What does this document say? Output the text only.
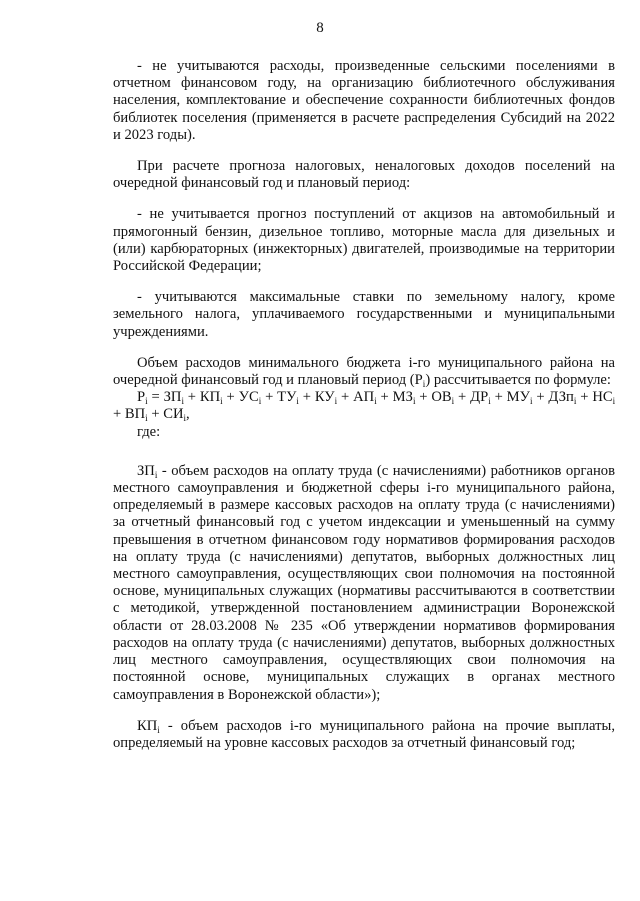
8

- не учитываются расходы, произведенные сельскими поселениями в отчетном финансовом году, на организацию библиотечного обслуживания населения, комплектование и обеспечение сохранности библиотечных фондов библиотек поселения (применяется в расчете распределения Субсидий на 2022 и 2023 годы).

При расчете прогноза налоговых, неналоговых доходов поселений на очередной финансовый год и плановый период:

- не учитывается прогноз поступлений от акцизов на автомобильный и прямогонный бензин, дизельное топливо, моторные масла для дизельных и (или) карбюраторных (инжекторных) двигателей, производимые на территории Российской Федерации;

- учитываются максимальные ставки по земельному налогу, кроме земельного налога, уплачиваемого государственными и муниципальными учреждениями.

Объем расходов минимального бюджета i-го муниципального района на очередной финансовый год и плановый период $(P_i)$ рассчитывается по формуле:

$P_i = ЗП_i + КП_i + УС_i + ТУ_i + КУ_i + АП_i + МЗ_i + ОВ_i + ДР_i + МУ_i + ДЗп_i + НС_i + ВП_i + СИ_i$,

где:

$ЗП_i$ - объем расходов на оплату труда (с начислениями) работников органов местного самоуправления и бюджетной сферы i-го муниципального района, определяемый в размере кассовых расходов на оплату труда (с начислениями) за отчетный финансовый год с учетом индексации и уменьшенный на сумму превышения в отчетном финансовом году нормативов формирования расходов на оплату труда (с начислениями) депутатов, выборных должностных лиц местного самоуправления, осуществляющих свои полномочия на постоянной основе, муниципальных служащих (нормативы рассчитываются в соответствии с методикой, утвержденной постановлением администрации Воронежской области от 28.03.2008 № 235 «Об утверждении нормативов формирования расходов на оплату труда (с начислениями) депутатов, выборных должностных лиц местного самоуправления, осуществляющих свои полномочия на постоянной основе, муниципальных служащих в органах местного самоуправления в Воронежской области»);

$КП_i$ - объем расходов i-го муниципального района на прочие выплаты, определяемый на уровне кассовых расходов за отчетный финансовый год;
